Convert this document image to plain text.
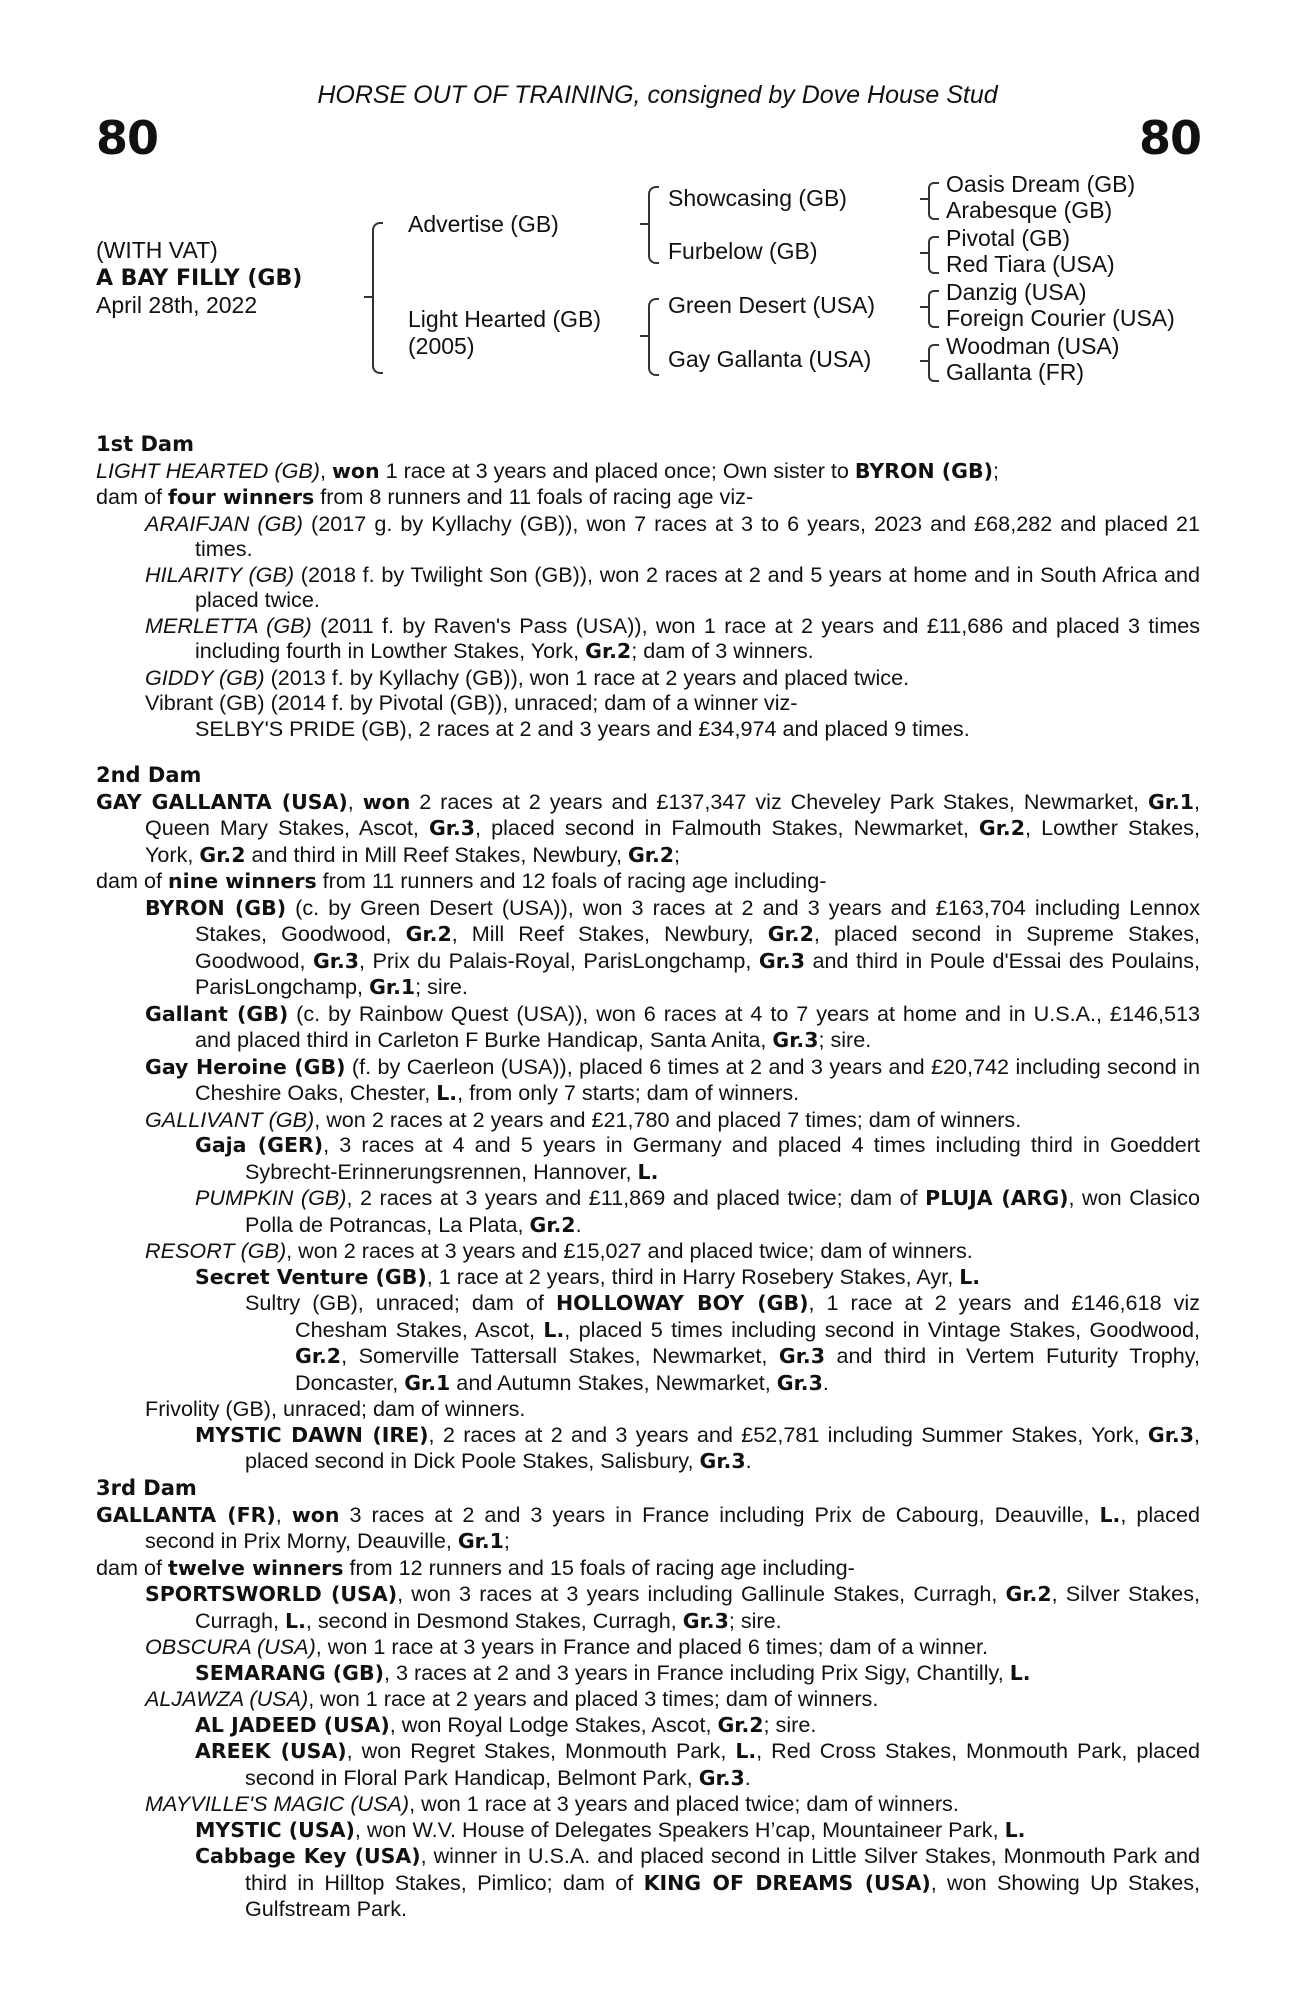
HORSE OUT OF TRAINING, consigned by Dove House Stud
80	80
(WITH VAT)
A BAY FILLY (GB)
April 28th, 2022
Advertise (GB)
Light Hearted (GB)
(2005)
Showcasing (GB)
Furbelow (GB)
Green Desert (USA)
Gay Gallanta (USA)
Oasis Dream (GB)
Arabesque (GB)
Pivotal (GB)
Red Tiara (USA)
Danzig (USA)
Foreign Courier (USA)
Woodman (USA)
Gallanta (FR)
1st Dam

LIGHT HEARTED (GB), won 1 race at 3 years and placed once; Own sister to BYRON (GB);

dam of four winners from 8 runners and 11 foals of racing age viz-

ARAIFJAN (GB) (2017 g. by Kyllachy (GB)), won 7 races at 3 to 6 years, 2023 and £68,282 and placed 21 times.

HILARITY (GB) (2018 f. by Twilight Son (GB)), won 2 races at 2 and 5 years at home and in South Africa and placed twice.

MERLETTA (GB) (2011 f. by Raven's Pass (USA)), won 1 race at 2 years and £11,686 and placed 3 times including fourth in Lowther Stakes, York, Gr.2; dam of 3 winners.

GIDDY (GB) (2013 f. by Kyllachy (GB)), won 1 race at 2 years and placed twice.

Vibrant (GB) (2014 f. by Pivotal (GB)), unraced; dam of a winner viz-

SELBY'S PRIDE (GB), 2 races at 2 and 3 years and £34,974 and placed 9 times.

2nd Dam

GAY GALLANTA (USA), won 2 races at 2 years and £137,347 viz Cheveley Park Stakes, Newmarket, Gr.1, Queen Mary Stakes, Ascot, Gr.3, placed second in Falmouth Stakes, Newmarket, Gr.2, Lowther Stakes, York, Gr.2 and third in Mill Reef Stakes, Newbury, Gr.2;

dam of nine winners from 11 runners and 12 foals of racing age including-

BYRON (GB) (c. by Green Desert (USA)), won 3 races at 2 and 3 years and £163,704 including Lennox Stakes, Goodwood, Gr.2, Mill Reef Stakes, Newbury, Gr.2, placed second in Supreme Stakes, Goodwood, Gr.3, Prix du Palais-Royal, ParisLongchamp, Gr.3 and third in Poule d'Essai des Poulains, ParisLongchamp, Gr.1; sire.

Gallant (GB) (c. by Rainbow Quest (USA)), won 6 races at 4 to 7 years at home and in U.S.A., £146,513 and placed third in Carleton F Burke Handicap, Santa Anita, Gr.3; sire.

Gay Heroine (GB) (f. by Caerleon (USA)), placed 6 times at 2 and 3 years and £20,742 including second in Cheshire Oaks, Chester, L., from only 7 starts; dam of winners.

GALLIVANT (GB), won 2 races at 2 years and £21,780 and placed 7 times; dam of winners.

Gaja (GER), 3 races at 4 and 5 years in Germany and placed 4 times including third in Goeddert Sybrecht-Erinnerungsrennen, Hannover, L.

PUMPKIN (GB), 2 races at 3 years and £11,869 and placed twice; dam of PLUJA (ARG), won Clasico Polla de Potrancas, La Plata, Gr.2.

RESORT (GB), won 2 races at 3 years and £15,027 and placed twice; dam of winners.

Secret Venture (GB), 1 race at 2 years, third in Harry Rosebery Stakes, Ayr, L.

Sultry (GB), unraced; dam of HOLLOWAY BOY (GB), 1 race at 2 years and £146,618 viz Chesham Stakes, Ascot, L., placed 5 times including second in Vintage Stakes, Goodwood, Gr.2, Somerville Tattersall Stakes, Newmarket, Gr.3 and third in Vertem Futurity Trophy, Doncaster, Gr.1 and Autumn Stakes, Newmarket, Gr.3.

Frivolity (GB), unraced; dam of winners.

MYSTIC DAWN (IRE), 2 races at 2 and 3 years and £52,781 including Summer Stakes, York, Gr.3, placed second in Dick Poole Stakes, Salisbury, Gr.3.

3rd Dam

GALLANTA (FR), won 3 races at 2 and 3 years in France including Prix de Cabourg, Deauville, L., placed second in Prix Morny, Deauville, Gr.1;

dam of twelve winners from 12 runners and 15 foals of racing age including-

SPORTSWORLD (USA), won 3 races at 3 years including Gallinule Stakes, Curragh, Gr.2, Silver Stakes, Curragh, L., second in Desmond Stakes, Curragh, Gr.3; sire.

OBSCURA (USA), won 1 race at 3 years in France and placed 6 times; dam of a winner.

SEMARANG (GB), 3 races at 2 and 3 years in France including Prix Sigy, Chantilly, L.

ALJAWZA (USA), won 1 race at 2 years and placed 3 times; dam of winners.

AL JADEED (USA), won Royal Lodge Stakes, Ascot, Gr.2; sire.

AREEK (USA), won Regret Stakes, Monmouth Park, L., Red Cross Stakes, Monmouth Park, placed second in Floral Park Handicap, Belmont Park, Gr.3.

MAYVILLE'S MAGIC (USA), won 1 race at 3 years and placed twice; dam of winners.

MYSTIC (USA), won W.V. House of Delegates Speakers H’cap, Mountaineer Park, L.

Cabbage Key (USA), winner in U.S.A. and placed second in Little Silver Stakes, Monmouth Park and third in Hilltop Stakes, Pimlico; dam of KING OF DREAMS (USA), won Showing Up Stakes, Gulfstream Park.
